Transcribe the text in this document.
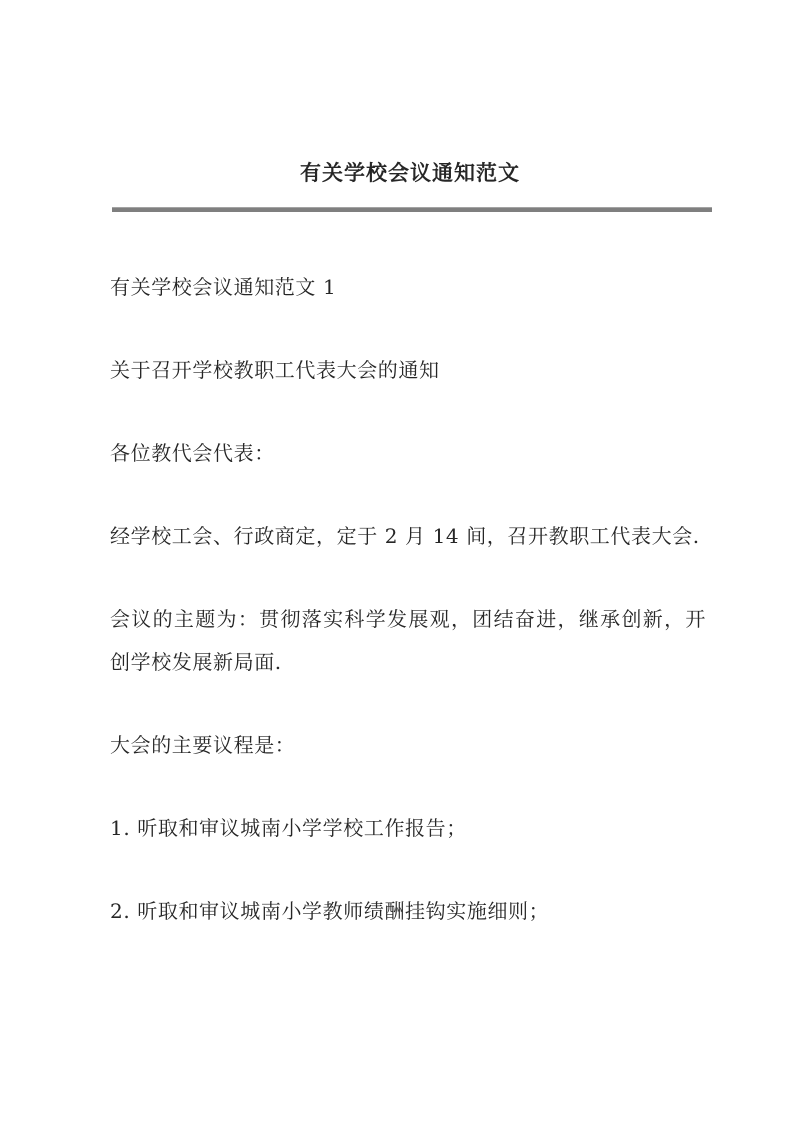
有关学校会议通知范文

有关学校会议通知范文 1

关于召开学校教职工代表大会的通知

各位教代会代表：

经学校工会、行政商定，定于 2 月 14 间，召开教职工代表大会.

会议的主题为：贯彻落实科学发展观，团结奋进，继承创新，开创学校发展新局面.

大会的主要议程是：

1. 听取和审议城南小学学校工作报告；

2. 听取和审议城南小学教师绩酬挂钩实施细则；
